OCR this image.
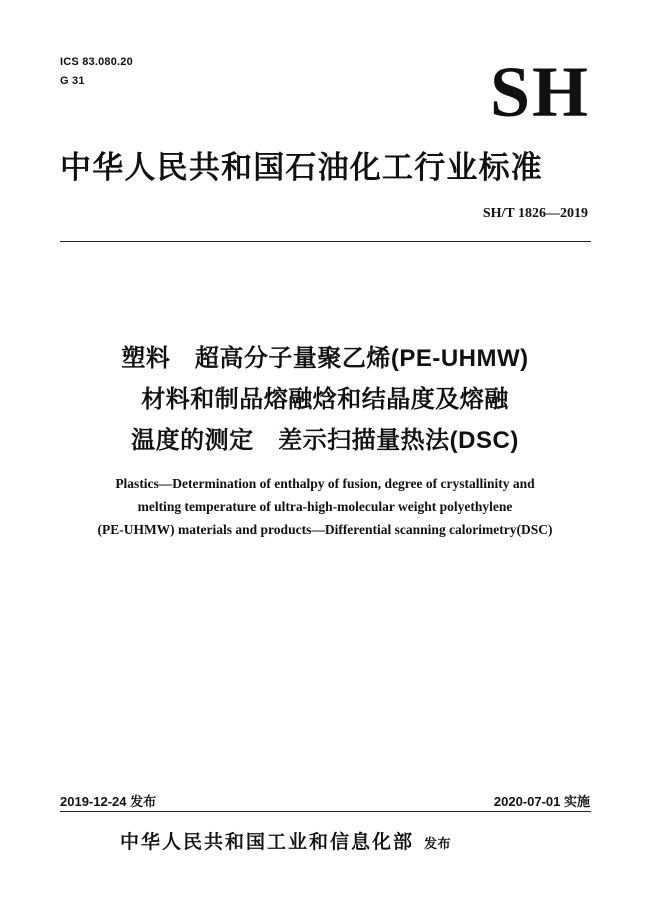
ICS 83.080.20
G 31	SH
中华人民共和国石油化工行业标准
SH/T 1826—2019
塑料　超高分子量聚乙烯(PE-UHMW)
材料和制品熔融焓和结晶度及熔融
温度的测定　差示扫描量热法(DSC)
Plastics—Determination of enthalpy of fusion, degree of crystallinity and
melting temperature of ultra-high-molecular weight polyethylene
(PE-UHMW) materials and products—Differential scanning calorimetry(DSC)
2019-12-24 发布	2020-07-01 实施
中华人民共和国工业和信息化部 发布
